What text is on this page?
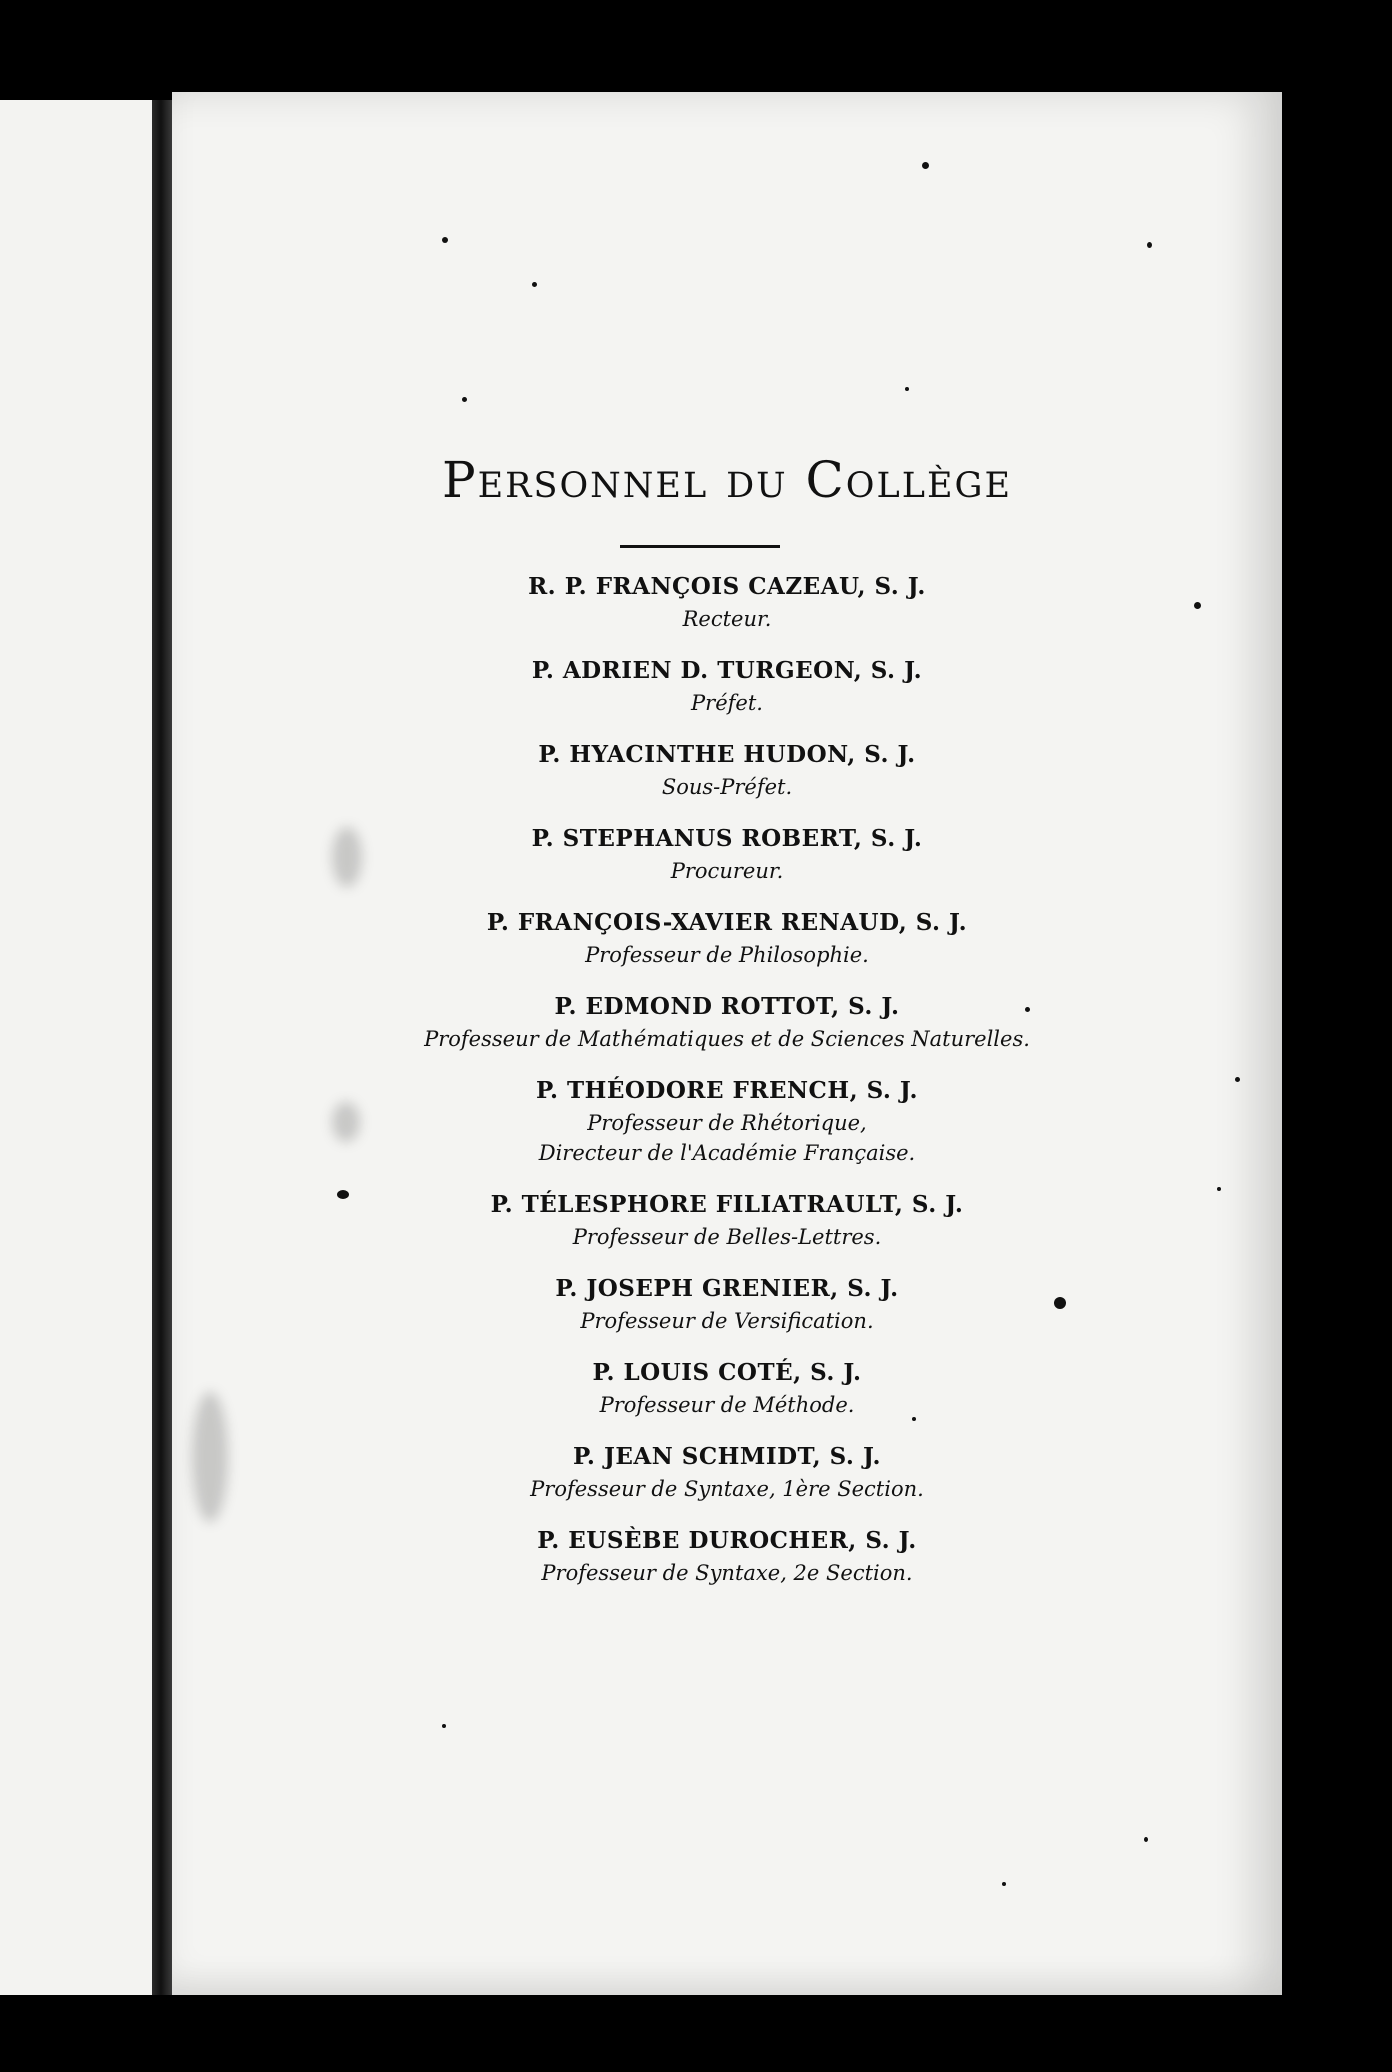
Personnel du Collège
R. P. FRANÇOIS CAZEAU, S. J.
Recteur.
P. ADRIEN D. TURGEON, S. J.
Préfet.
P. HYACINTHE HUDON, S. J.
Sous-Préfet.
P. STEPHANUS ROBERT, S. J.
Procureur.
P. FRANÇOIS-XAVIER RENAUD, S. J.
Professeur de Philosophie.
P. EDMOND ROTTOT, S. J.
Professeur de Mathématiques et de Sciences Naturelles.
P. THÉODORE FRENCH, S. J.
Professeur de Rhétorique,
Directeur de l'Académie Française.
P. TÉLESPHORE FILIATRAULT, S. J.
Professeur de Belles-Lettres.
P. JOSEPH GRENIER, S. J.
Professeur de Versification.
P. LOUIS COTÉ, S. J.
Professeur de Méthode.
P. JEAN SCHMIDT, S. J.
Professeur de Syntaxe, 1ère Section.
P. EUSÈBE DUROCHER, S. J.
Professeur de Syntaxe, 2e Section.
